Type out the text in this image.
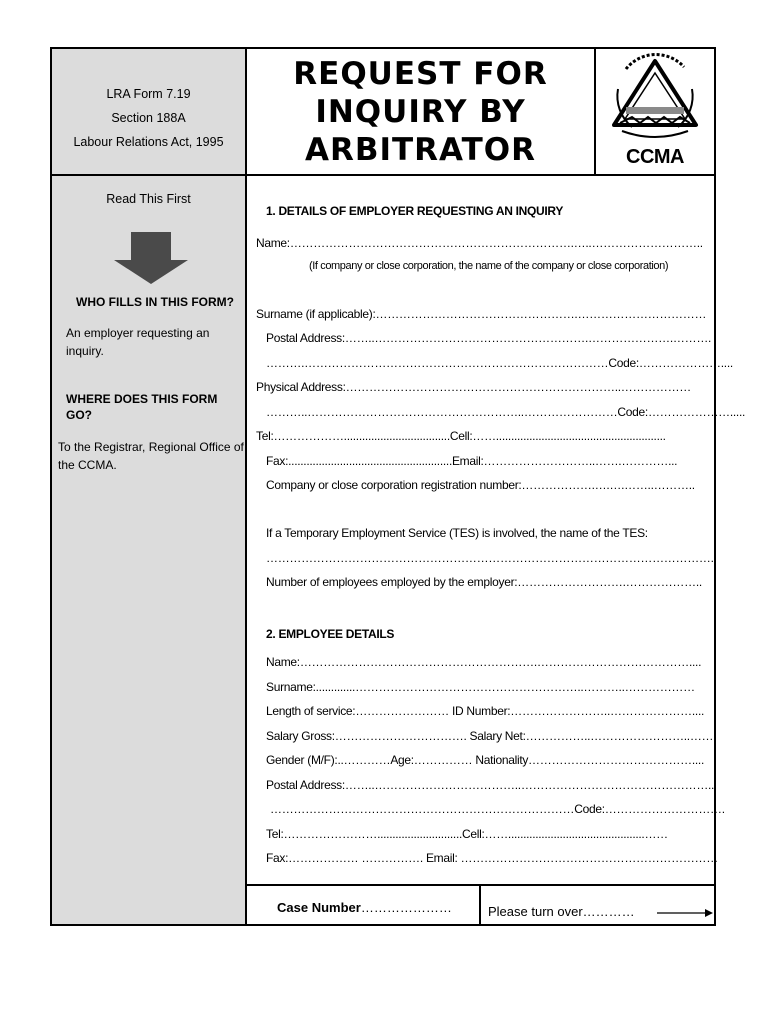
LRA Form 7.19
Section 188A
Labour Relations Act, 1995
Read This First
WHO FILLS IN THIS FORM?
An employer requesting an
inquiry.
WHERE DOES THIS FORM
GO?
To the Registrar, Regional Office of
the CCMA.
REQUEST FOR
INQUIRY BY
ARBITRATOR	CCMA
1. DETAILS OF EMPLOYER REQUESTING AN INQUIRY
Name:……………………………………………………………….…..………………………..
(If company or close corporation, the name of the company or close corporation)
Surname (if applicable):…………………………………………….……………………………
Postal Address:……..……………………………………………….………………….……….
……….……………………………………………………………………Code:…………………....
Physical Address:……………………………………………………………..………………
………..………………………………………………..……………………Code:………………….....
Tel:………………...................................Cell:……........................................................
Fax:......................................................Email:………………………..…….…………...
Company or close corporation registration number:……………….….….……..………..
If a Temporary Employment Service (TES) is involved, the name of the TES:
…………………………………………………………………………………………………….
Number of employees employed by the employer:……………………….………………..
2. EMPLOYEE DETAILS
Name:…………………………………………………….…………………………………....
Surname:.............…………………………………………………..………..………………
Length of service:…………………… ID Number:……………………..…………………....
Salary Gross:……………………………. Salary Net:……………..……………………..……
Gender (M/F):..…………Age:…………… Nationality……………………………………....
Postal Address:……..………………………………..…………………………………………..
……………………………………………………………………Code:………………………….
Tel:……………………............................Cell:…….............................................……
Fax:……………… ……………. Email: …………………………………………………………
Case Number…………………	Please turn over…………
